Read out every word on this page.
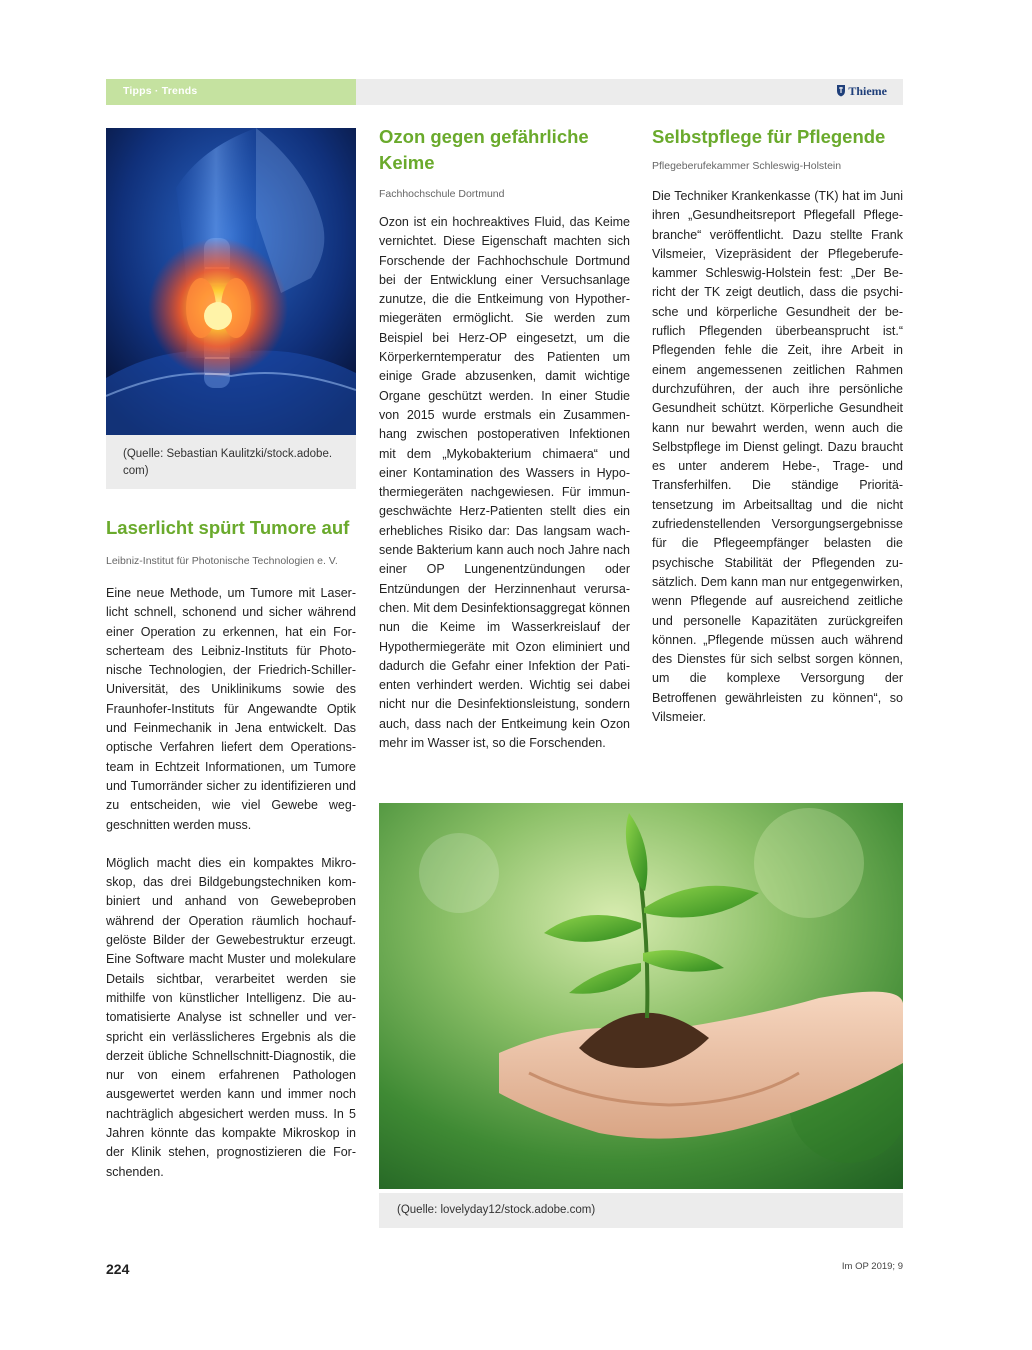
Tipps · Trends	Thieme
(Quelle: Sebastian Kaulitzki/stock.adobe. com)
Laserlicht spürt Tumore auf

Leibniz-Institut für Photonische Technologien e. V.

Eine neue Methode, um Tumore mit Laserlicht schnell, schonend und sicher während einer Operation zu erkennen, hat ein Forscherteam des Leibniz-Instituts für Photonische Technologien, der Friedrich-Schiller-Universität, des Uniklinikums sowie des Fraunhofer-Instituts für Angewandte Optik und Feinmechanik in Jena entwickelt. Das optische Verfahren liefert dem Operationsteam in Echtzeit Informationen, um Tumore und Tumorränder sicher zu identifizieren und zu entscheiden, wie viel Gewebe weggeschnitten werden muss.

Möglich macht dies ein kompaktes Mikroskop, das drei Bildgebungstechniken kombiniert und anhand von Gewebeproben während der Operation räumlich hochaufgelöste Bilder der Gewebestruktur erzeugt. Eine Software macht Muster und molekulare Details sichtbar, verarbeitet werden sie mithilfe von künstlicher Intelligenz. Die automatisierte Analyse ist schneller und verspricht ein verlässlicheres Ergebnis als die derzeit übliche Schnellschnitt-Diagnostik, die nur von einem erfahrenen Pathologen ausgewertet werden kann und immer noch nachträglich abgesichert werden muss. In 5 Jahren könnte das kompakte Mikroskop in der Klinik stehen, prognostizieren die Forschenden.

Ozon gegen gefährliche Keime

Fachhochschule Dortmund

Ozon ist ein hochreaktives Fluid, das Keime vernichtet. Diese Eigenschaft machten sich Forschende der Fachhochschule Dortmund bei der Entwicklung einer Versuchsanlage zunutze, die die Entkeimung von Hypothermiegeräten ermöglicht. Sie werden zum Beispiel bei Herz-OP eingesetzt, um die Körperkerntemperatur des Patienten um einige Grade abzusenken, damit wichtige Organe geschützt werden. In einer Studie von 2015 wurde erstmals ein Zusammenhang zwischen postoperativen Infektionen mit dem „Mykobakterium chimaera“ und einer Kontamination des Wassers in Hypothermiegeräten nachgewiesen. Für immungeschwächte Herz-Patienten stellt dies ein erhebliches Risiko dar: Das langsam wachsende Bakterium kann auch noch Jahre nach einer OP Lungenentzündungen oder Entzündungen der Herzinnenhaut verursachen. Mit dem Desinfektionsaggregat können nun die Keime im Wasserkreislauf der Hypothermiegeräte mit Ozon eliminiert und dadurch die Gefahr einer Infektion der Patienten verhindert werden. Wichtig sei dabei nicht nur die Desinfektionsleistung, sondern auch, dass nach der Entkeimung kein Ozon mehr im Wasser ist, so die Forschenden.

Selbstpflege für Pflegende

Pflegeberufekammer Schleswig-Holstein

Die Techniker Krankenkasse (TK) hat im Juni ihren „Gesundheitsreport Pflegefall Pflegebranche“ veröffentlicht. Dazu stellte Frank Vilsmeier, Vizepräsident der Pflegeberufekammer Schleswig-Holstein fest: „Der Bericht der TK zeigt deutlich, dass die psychische und körperliche Gesundheit der beruflich Pflegenden überbeansprucht ist.“ Pflegenden fehle die Zeit, ihre Arbeit in einem angemessenen zeitlichen Rahmen durchzuführen, der auch ihre persönliche Gesundheit schützt. Körperliche Gesundheit kann nur bewahrt werden, wenn auch die Selbstpflege im Dienst gelingt. Dazu braucht es unter anderem Hebe-, Trage- und Transferhilfen. Die ständige Prioritätensetzung im Arbeitsalltag und die nicht zufriedenstellenden Versorgungsergebnisse für die Pflegeempfänger belasten die psychische Stabilität der Pflegenden zusätzlich. Dem kann man nur entgegenwirken, wenn Pflegende auf ausreichend zeitliche und personelle Kapazitäten zurückgreifen können. „Pflegende müssen auch während des Dienstes für sich selbst sorgen können, um die komplexe Versorgung der Betroffenen gewährleisten zu können“, so Vilsmeier.

(Quelle: lovelyday12/stock.adobe.com)
224	Im OP 2019; 9
